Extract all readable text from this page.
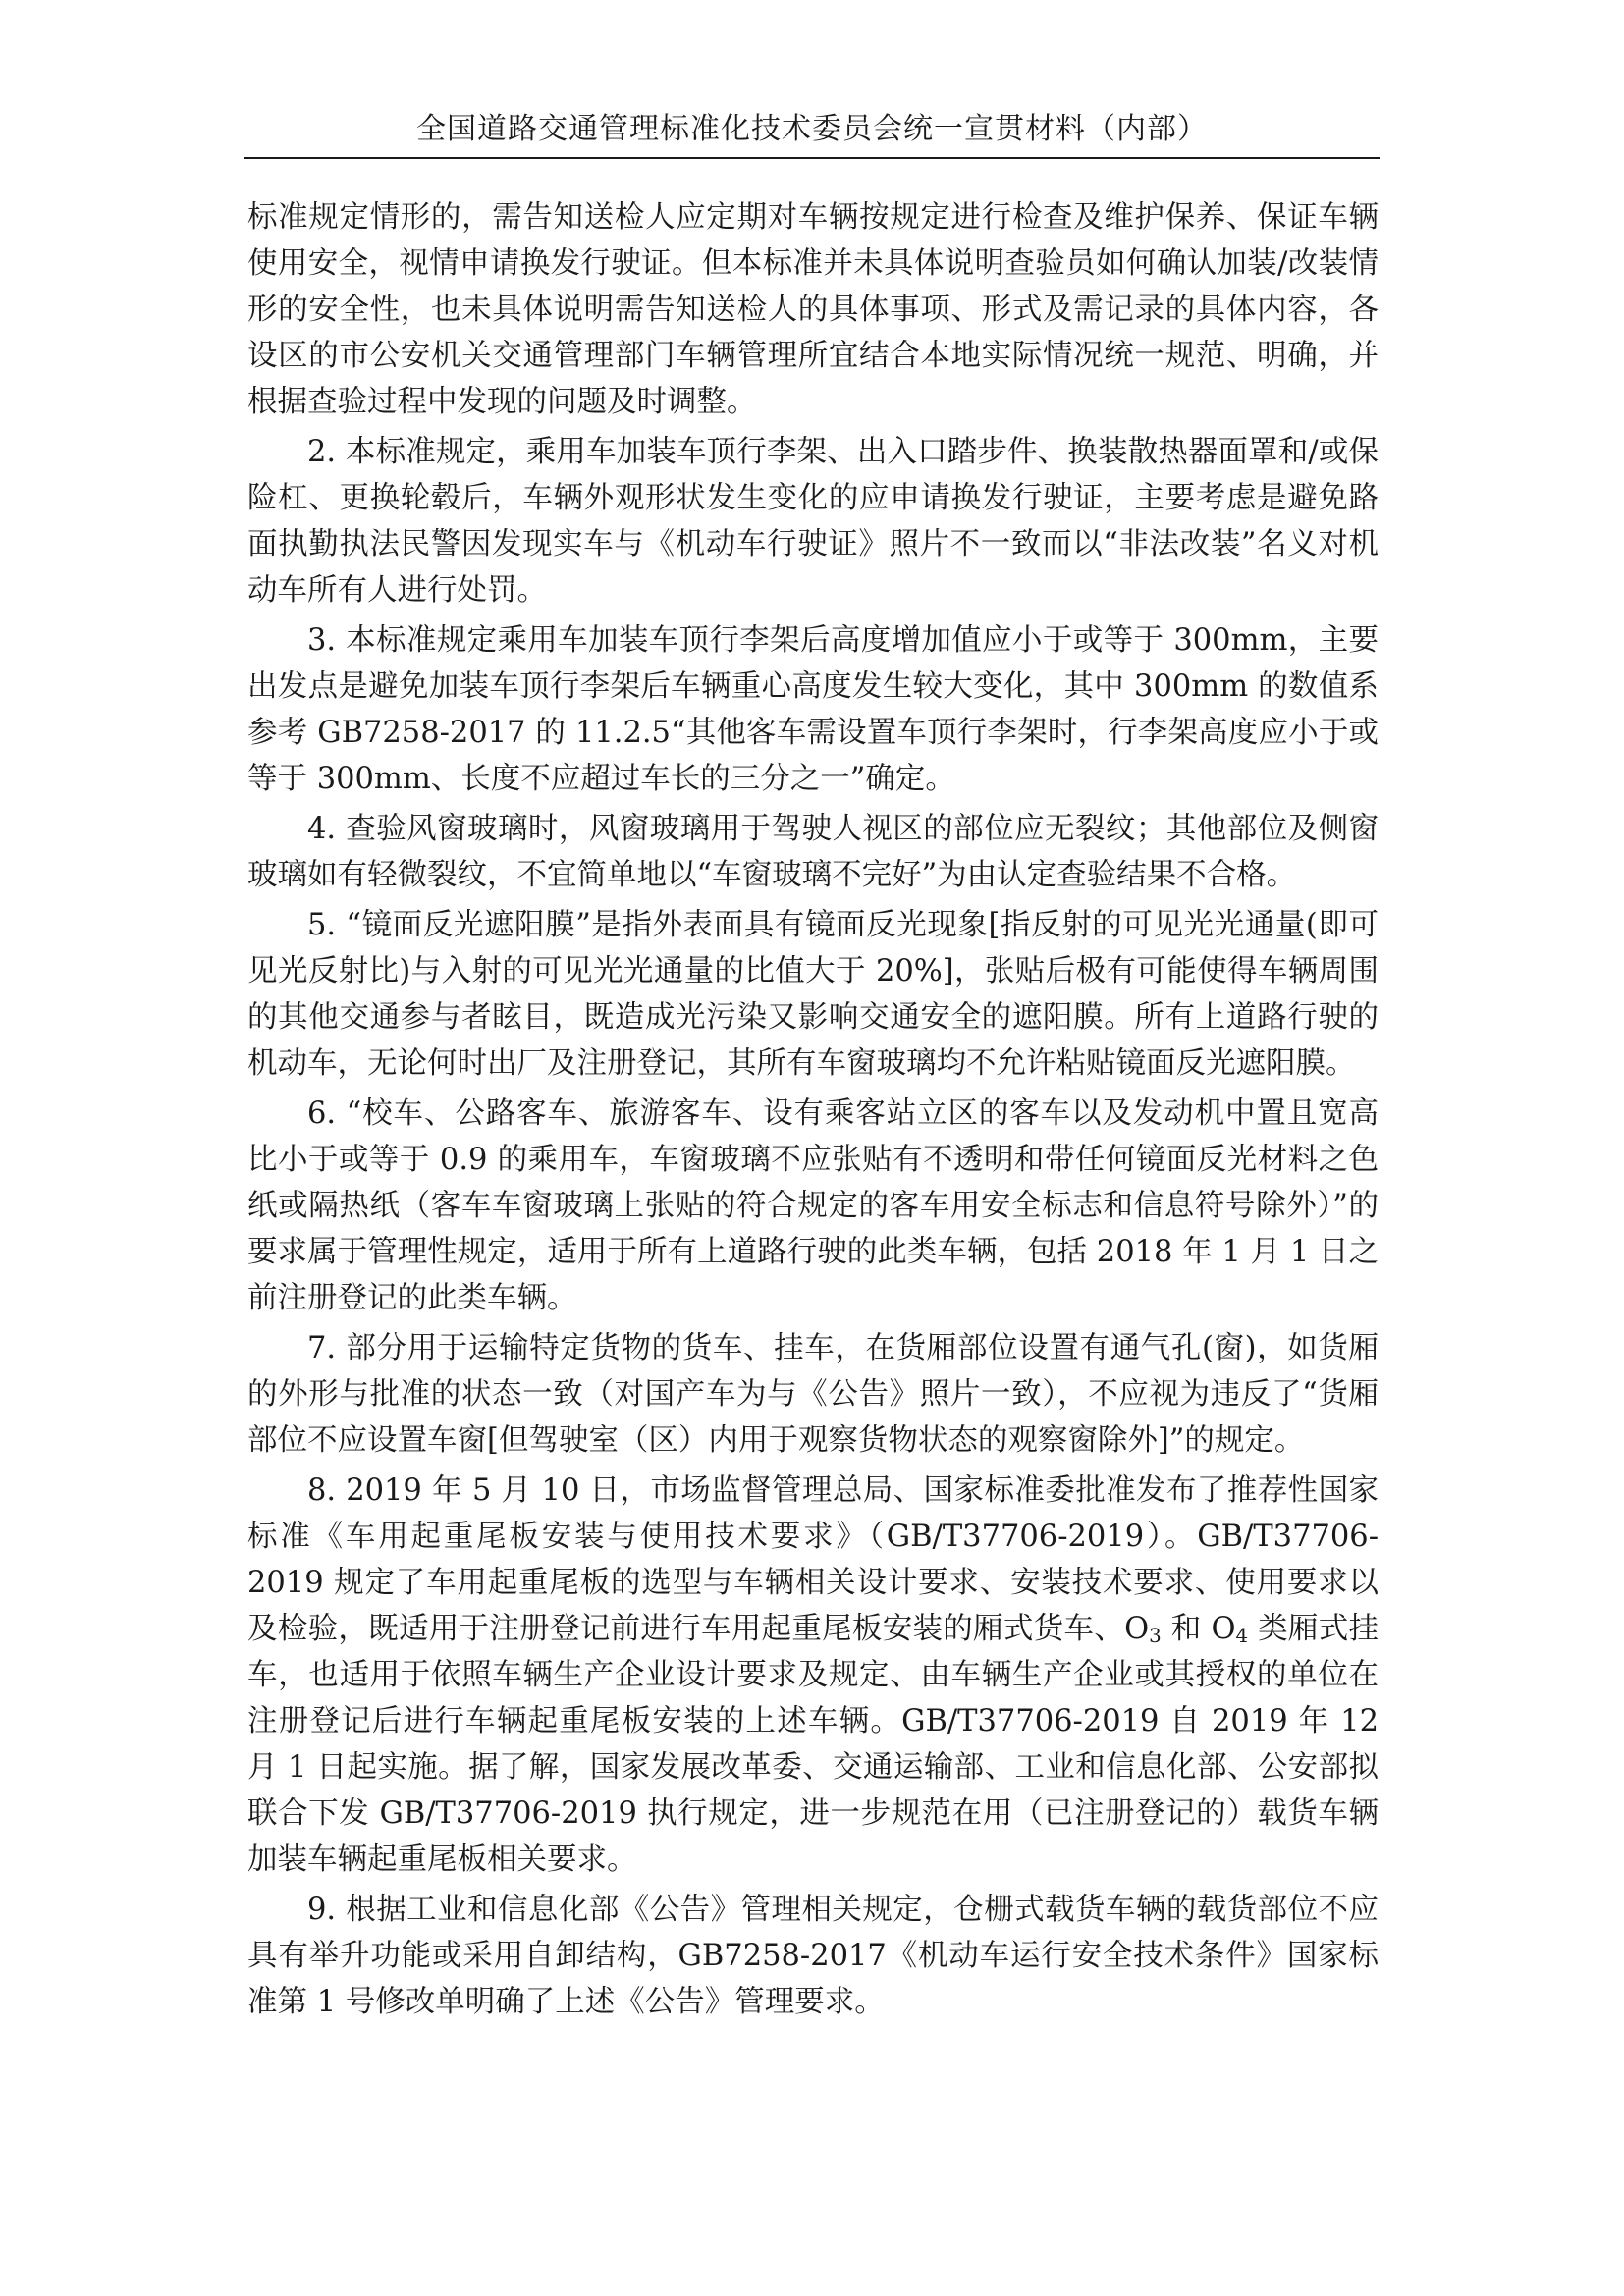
全国道路交通管理标准化技术委员会统一宣贯材料（内部）

标准规定情形的，需告知送检人应定期对车辆按规定进行检查及维护保养、保证车辆使用安全，视情申请换发行驶证。但本标准并未具体说明查验员如何确认加装/改装情形的安全性，也未具体说明需告知送检人的具体事项、形式及需记录的具体内容，各设区的市公安机关交通管理部门车辆管理所宜结合本地实际情况统一规范、明确，并根据查验过程中发现的问题及时调整。

2. 本标准规定，乘用车加装车顶行李架、出入口踏步件、换装散热器面罩和/或保险杠、更换轮毂后，车辆外观形状发生变化的应申请换发行驶证，主要考虑是避免路面执勤执法民警因发现实车与《机动车行驶证》照片不一致而以“非法改装”名义对机动车所有人进行处罚。

3. 本标准规定乘用车加装车顶行李架后高度增加值应小于或等于 300mm，主要出发点是避免加装车顶行李架后车辆重心高度发生较大变化，其中 300mm 的数值系参考 GB7258-2017 的 11.2.5“其他客车需设置车顶行李架时，行李架高度应小于或等于 300mm、长度不应超过车长的三分之一”确定。

4. 查验风窗玻璃时，风窗玻璃用于驾驶人视区的部位应无裂纹；其他部位及侧窗玻璃如有轻微裂纹，不宜简单地以“车窗玻璃不完好”为由认定查验结果不合格。

5. “镜面反光遮阳膜”是指外表面具有镜面反光现象[指反射的可见光光通量(即可见光反射比)与入射的可见光光通量的比值大于 20%]，张贴后极有可能使得车辆周围的其他交通参与者眩目，既造成光污染又影响交通安全的遮阳膜。所有上道路行驶的机动车，无论何时出厂及注册登记，其所有车窗玻璃均不允许粘贴镜面反光遮阳膜。

6. “校车、公路客车、旅游客车、设有乘客站立区的客车以及发动机中置且宽高比小于或等于 0.9 的乘用车，车窗玻璃不应张贴有不透明和带任何镜面反光材料之色纸或隔热纸（客车车窗玻璃上张贴的符合规定的客车用安全标志和信息符号除外）”的要求属于管理性规定，适用于所有上道路行驶的此类车辆，包括 2018 年 1 月 1 日之前注册登记的此类车辆。

7. 部分用于运输特定货物的货车、挂车，在货厢部位设置有通气孔(窗)，如货厢的外形与批准的状态一致（对国产车为与《公告》照片一致），不应视为违反了“货厢部位不应设置车窗[但驾驶室（区）内用于观察货物状态的观察窗除外]”的规定。

8. 2019 年 5 月 10 日，市场监督管理总局、国家标准委批准发布了推荐性国家标准《车用起重尾板安装与使用技术要求》（GB/T37706-2019）。GB/T37706-2019 规定了车用起重尾板的选型与车辆相关设计要求、安装技术要求、使用要求以及检验，既适用于注册登记前进行车用起重尾板安装的厢式货车、$O_3$ 和 $O_4$ 类厢式挂车，也适用于依照车辆生产企业设计要求及规定、由车辆生产企业或其授权的单位在注册登记后进行车辆起重尾板安装的上述车辆。GB/T37706-2019 自 2019 年 12 月 1 日起实施。据了解，国家发展改革委、交通运输部、工业和信息化部、公安部拟联合下发 GB/T37706-2019 执行规定，进一步规范在用（已注册登记的）载货车辆加装车辆起重尾板相关要求。

9. 根据工业和信息化部《公告》管理相关规定，仓栅式载货车辆的载货部位不应具有举升功能或采用自卸结构，GB7258-2017《机动车运行安全技术条件》国家标准第 1 号修改单明确了上述《公告》管理要求。
